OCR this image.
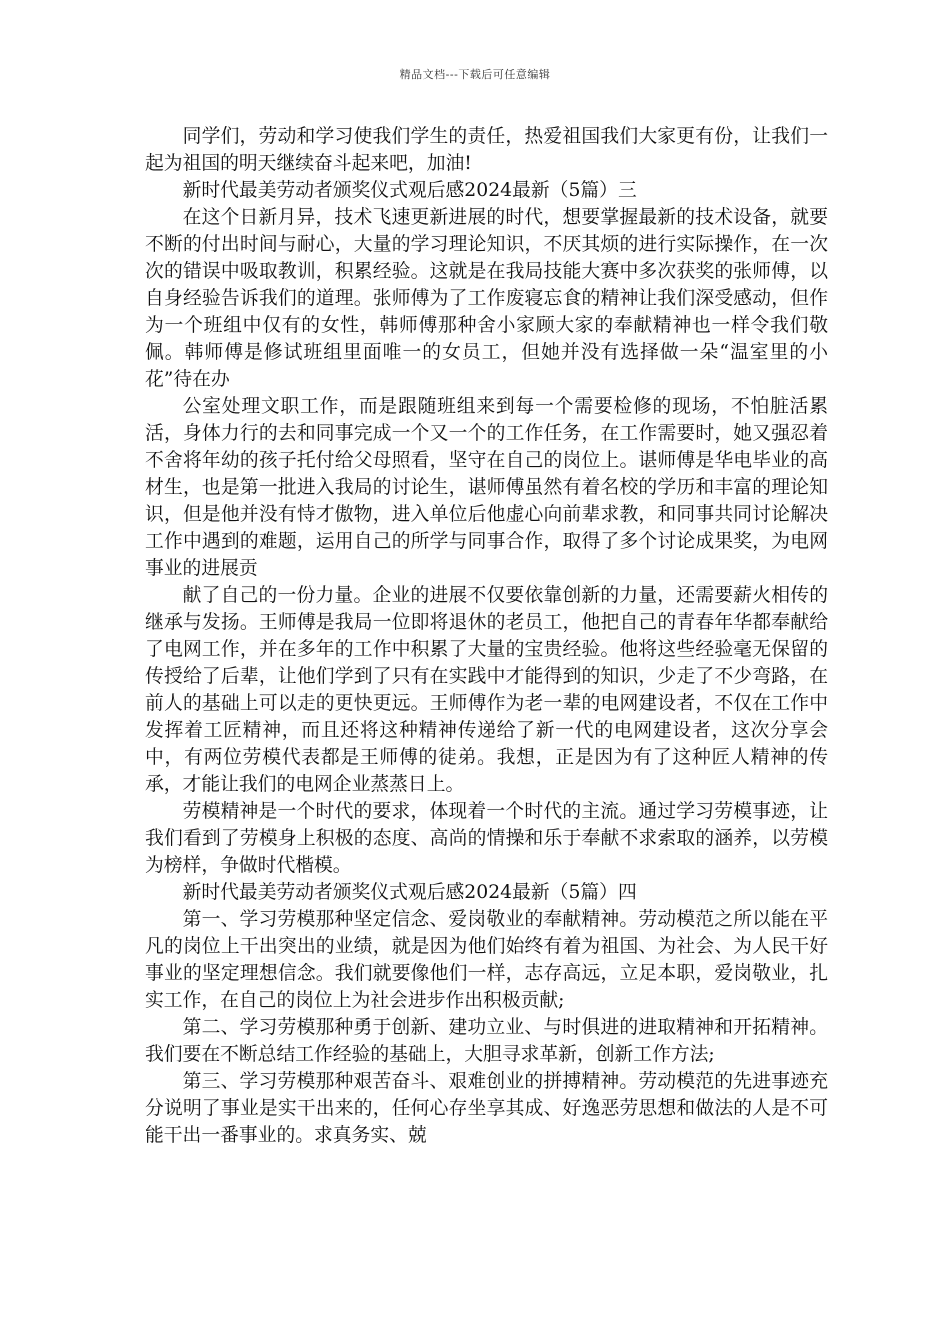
精品文档---下载后可任意编辑

同学们，劳动和学习使我们学生的责任，热爱祖国我们大家更有份，让我们一起为祖国的明天继续奋斗起来吧，加油!

新时代最美劳动者颁奖仪式观后感2024最新（5篇）三

在这个日新月异，技术飞速更新进展的时代，想要掌握最新的技术设备，就要不断的付出时间与耐心，大量的学习理论知识，不厌其烦的进行实际操作，在一次次的错误中吸取教训，积累经验。这就是在我局技能大赛中多次获奖的张师傅，以自身经验告诉我们的道理。张师傅为了工作废寝忘食的精神让我们深受感动，但作为一个班组中仅有的女性，韩师傅那种舍小家顾大家的奉献精神也一样令我们敬佩。韩师傅是修试班组里面唯一的女员工，但她并没有选择做一朵“温室里的小花”待在办

公室处理文职工作，而是跟随班组来到每一个需要检修的现场，不怕脏活累活，身体力行的去和同事完成一个又一个的工作任务，在工作需要时，她又强忍着不舍将年幼的孩子托付给父母照看，坚守在自己的岗位上。谌师傅是华电毕业的高材生，也是第一批进入我局的讨论生，谌师傅虽然有着名校的学历和丰富的理论知识，但是他并没有恃才傲物，进入单位后他虚心向前辈求教，和同事共同讨论解决工作中遇到的难题，运用自己的所学与同事合作，取得了多个讨论成果奖，为电网事业的进展贡

献了自己的一份力量。企业的进展不仅要依靠创新的力量，还需要薪火相传的继承与发扬。王师傅是我局一位即将退休的老员工，他把自己的青春年华都奉献给了电网工作，并在多年的工作中积累了大量的宝贵经验。他将这些经验毫无保留的传授给了后辈，让他们学到了只有在实践中才能得到的知识，少走了不少弯路，在前人的基础上可以走的更快更远。王师傅作为老一辈的电网建设者，不仅在工作中发挥着工匠精神，而且还将这种精神传递给了新一代的电网建设者，这次分享会中，有两位劳模代表都是王师傅的徒弟。我想，正是因为有了这种匠人精神的传承，才能让我们的电网企业蒸蒸日上。

劳模精神是一个时代的要求，体现着一个时代的主流。通过学习劳模事迹，让我们看到了劳模身上积极的态度、高尚的情操和乐于奉献不求索取的涵养，以劳模为榜样，争做时代楷模。

新时代最美劳动者颁奖仪式观后感2024最新（5篇）四

第一、学习劳模那种坚定信念、爱岗敬业的奉献精神。劳动模范之所以能在平凡的岗位上干出突出的业绩，就是因为他们始终有着为祖国、为社会、为人民干好事业的坚定理想信念。我们就要像他们一样，志存高远，立足本职，爱岗敬业，扎实工作，在自己的岗位上为社会进步作出积极贡献;

第二、学习劳模那种勇于创新、建功立业、与时俱进的进取精神和开拓精神。我们要在不断总结工作经验的基础上，大胆寻求革新，创新工作方法;

第三、学习劳模那种艰苦奋斗、艰难创业的拼搏精神。劳动模范的先进事迹充分说明了事业是实干出来的，任何心存坐享其成、好逸恶劳思想和做法的人是不可能干出一番事业的。求真务实、兢
